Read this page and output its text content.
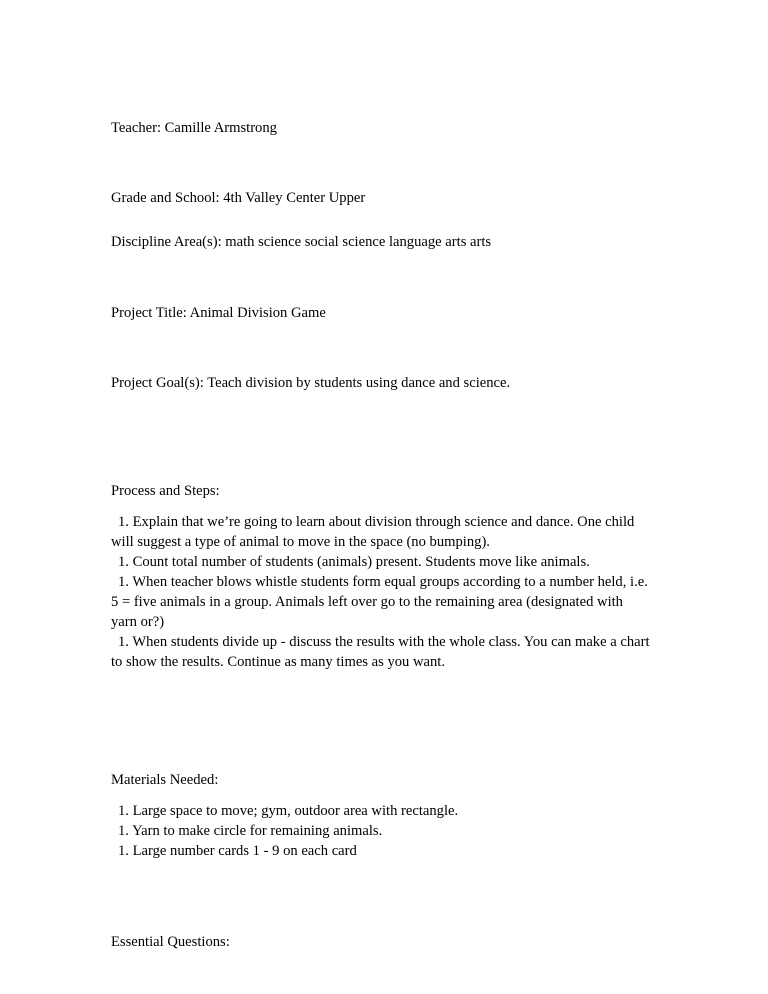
Teacher: Camille Armstrong

Grade and School: 4th Valley Center Upper

Discipline Area(s): math science social science language arts arts

Project Title: Animal Division Game

Project Goal(s): Teach division by students using dance and science.

Process and Steps:

1. Explain that we’re going to learn about division through science and dance. One child will suggest a type of animal to move in the space (no bumping).
1. Count total number of students (animals) present. Students move like animals.
1. When teacher blows whistle students form equal groups according to a number held, i.e. 5 = five animals in a group. Animals left over go to the remaining area (designated with yarn or?)
1. When students divide up - discuss the results with the whole class. You can make a chart to show the results. Continue as many times as you want.

Materials Needed:

1. Large space to move; gym, outdoor area with rectangle.
1. Yarn to make circle for remaining animals.
1. Large number cards 1 - 9 on each card

Essential Questions:
